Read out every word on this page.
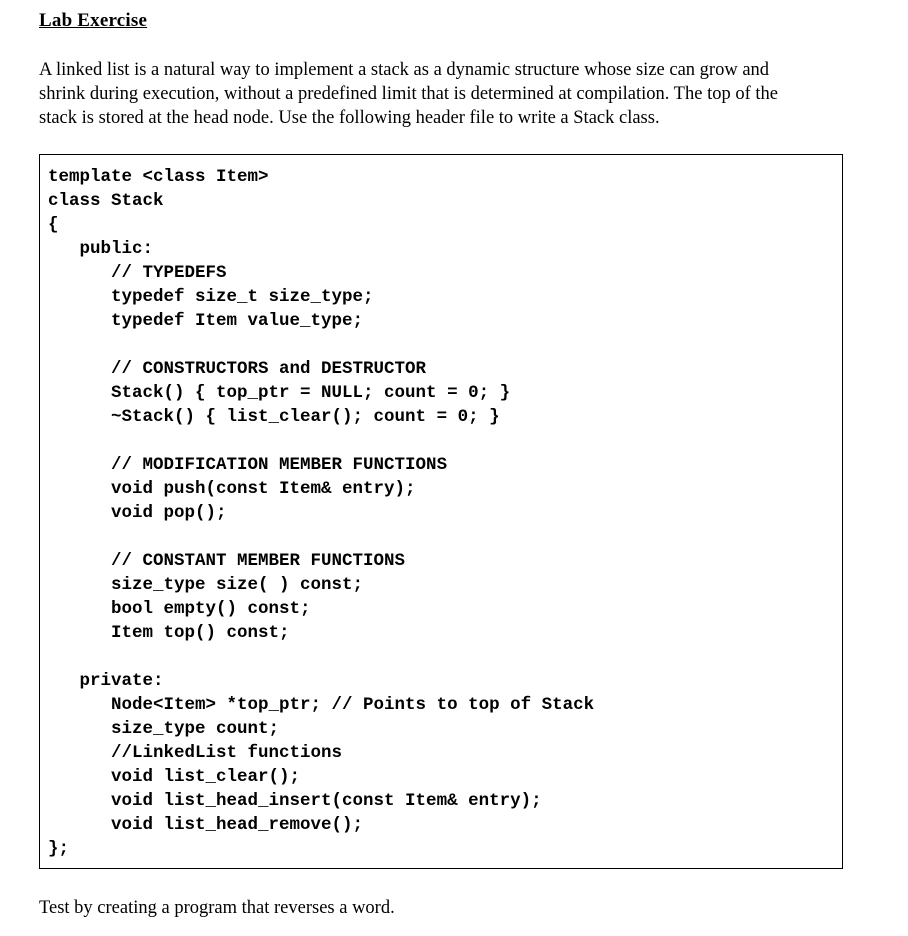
Lab Exercise

A linked list is a natural way to implement a stack as a dynamic structure whose size can grow and
shrink during execution, without a predefined limit that is determined at compilation. The top of the
stack is stored at the head node. Use the following header file to write a Stack class.

template <class Item>
class Stack
{
public:
// TYPEDEFS
typedef size_t size_type;
typedef Item value_type;
// CONSTRUCTORS and DESTRUCTOR
Stack() { top_ptr = NULL; count = 0; }
~Stack() { list_clear(); count = 0; }
// MODIFICATION MEMBER FUNCTIONS
void push(const Item& entry);
void pop();
// CONSTANT MEMBER FUNCTIONS
size_type size( ) const;
bool empty() const;
Item top() const;
private:
Node<Item> *top_ptr; // Points to top of Stack
size_type count;
//LinkedList functions
void list_clear();
void list_head_insert(const Item& entry);
void list_head_remove();
};
Test by creating a program that reverses a word.
